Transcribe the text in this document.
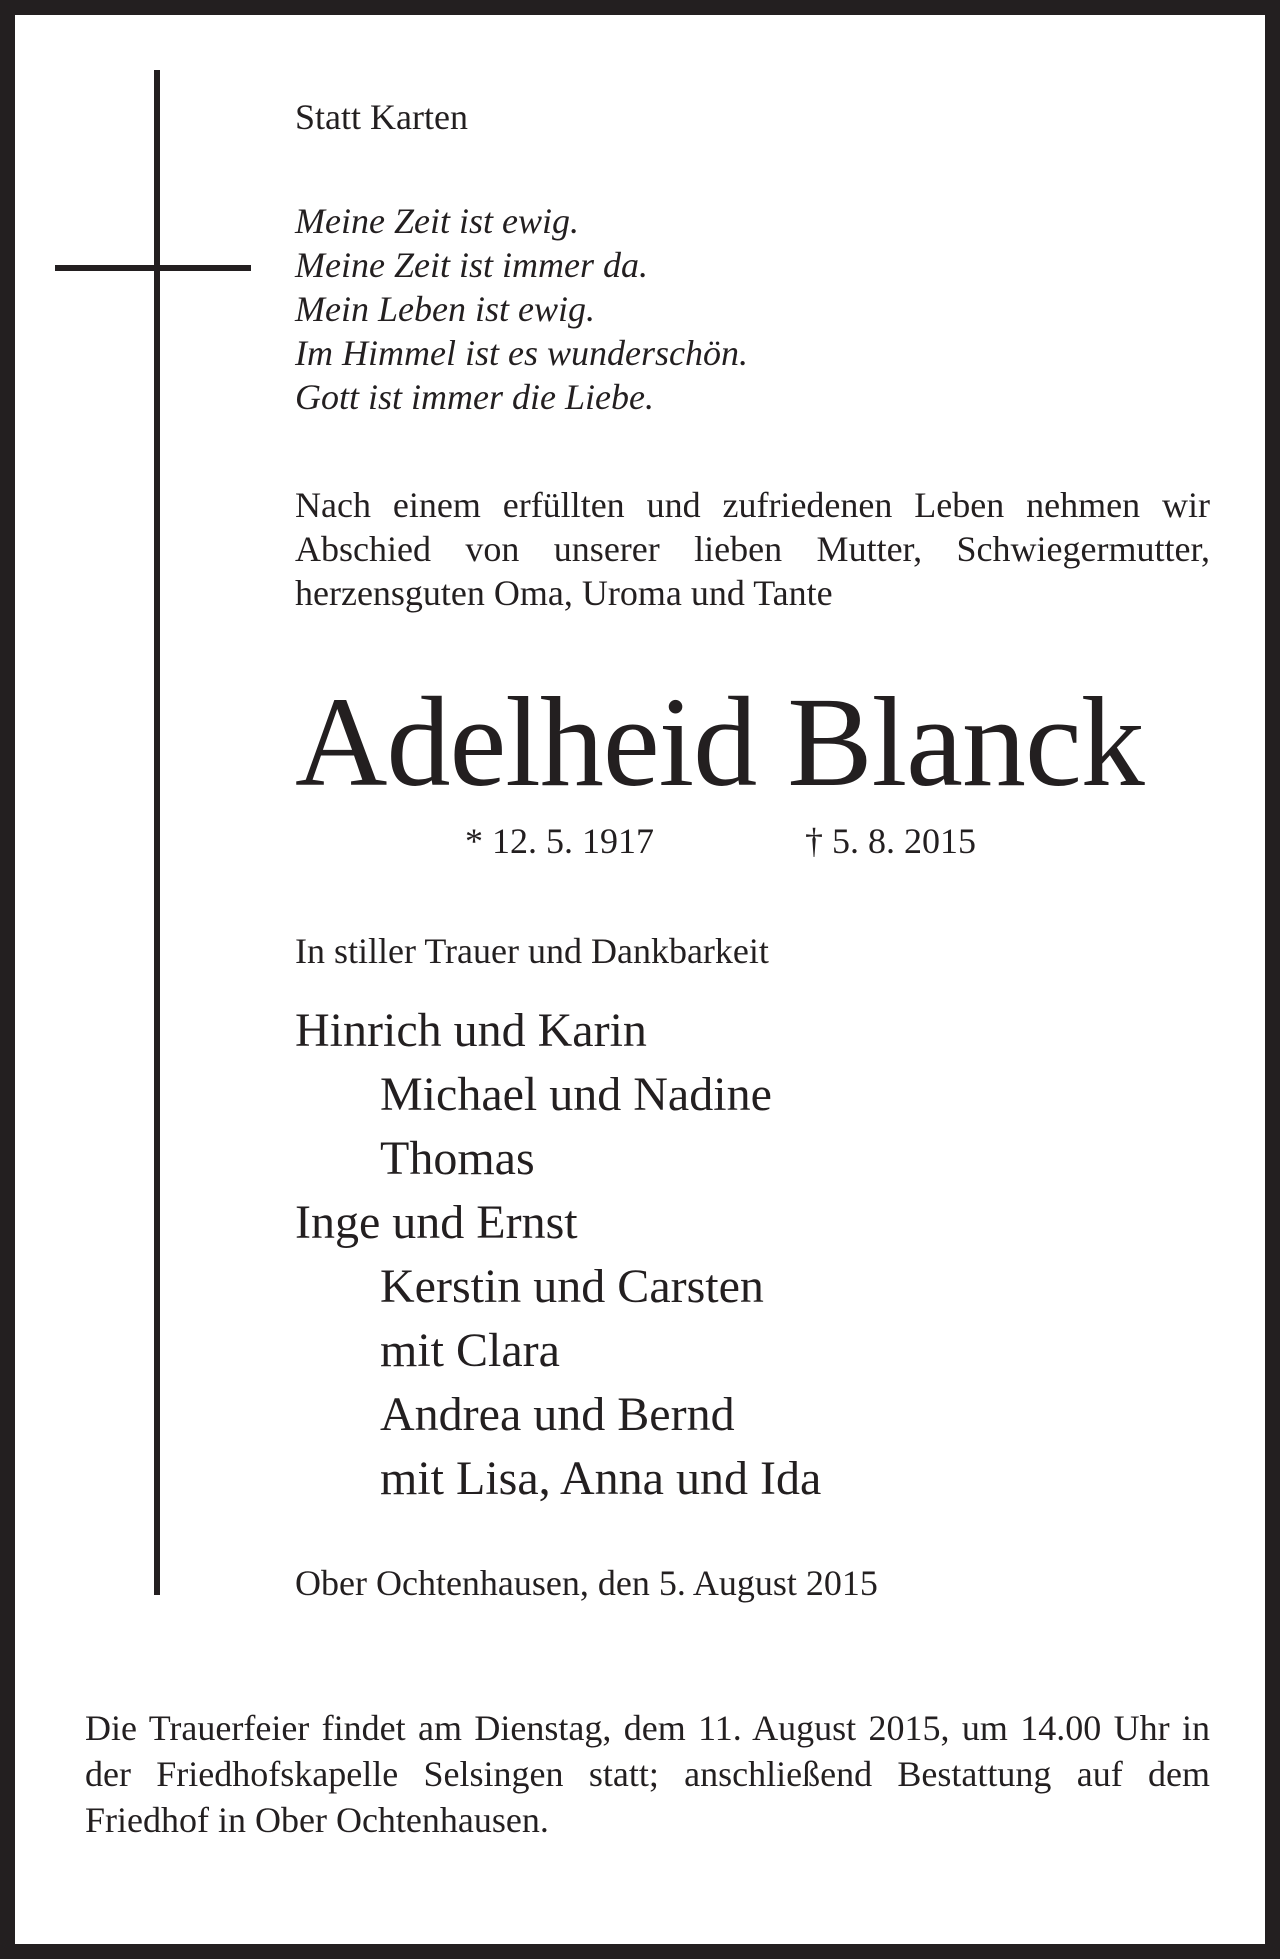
Statt Karten
Meine Zeit ist ewig.
Meine Zeit ist immer da.
Mein Leben ist ewig.
Im Himmel ist es wunderschön.
Gott ist immer die Liebe.
Nach einem erfüllten und zufriedenen Leben nehmen wir Abschied von unserer lieben Mutter, Schwiegermutter, herzensguten Oma, Uroma und Tante
Adelheid Blanck
* 12. 5. 1917	† 5. 8. 2015
In stiller Trauer und Dankbarkeit
Hinrich und Karin
Michael und Nadine
Thomas
Inge und Ernst
Kerstin und Carsten
mit Clara
Andrea und Bernd
mit Lisa, Anna und Ida
Ober Ochtenhausen, den 5. August 2015
Die Trauerfeier findet am Dienstag, dem 11. August 2015, um 14.00 Uhr in der Friedhofskapelle Selsingen statt; anschließend Bestattung auf dem Friedhof in Ober Ochtenhausen.
